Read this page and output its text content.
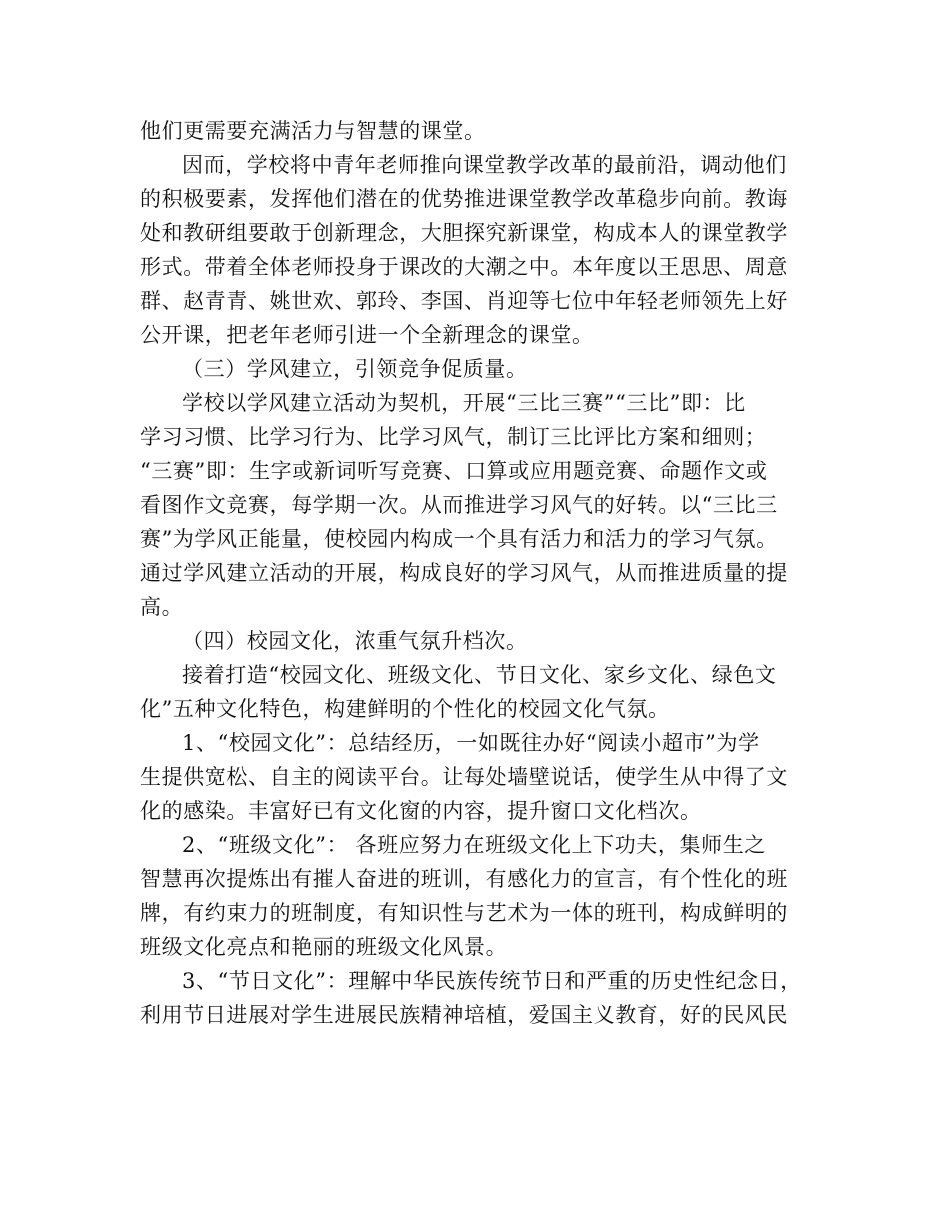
他们更需要充满活力与智慧的课堂。
因而，学校将中青年老师推向课堂教学改革的最前沿，调动他们
的积极要素，发挥他们潜在的优势推进课堂教学改革稳步向前。教诲
处和教研组要敢于创新理念，大胆探究新课堂，构成本人的课堂教学
形式。带着全体老师投身于课改的大潮之中。本年度以王思思、周意
群、赵青青、姚世欢、郭玲、李国、肖迎等七位中年轻老师领先上好
公开课，把老年老师引进一个全新理念的课堂。
（三）学风建立，引领竞争促质量。
学校以学风建立活动为契机，开展“三比三赛”“三比”即：比
学习习惯、比学习行为、比学习风气，制订三比评比方案和细则；
“三赛”即：生字或新词听写竞赛、口算或应用题竞赛、命题作文或
看图作文竞赛，每学期一次。从而推进学习风气的好转。以“三比三
赛”为学风正能量，使校园内构成一个具有活力和活力的学习气氛。
通过学风建立活动的开展，构成良好的学习风气，从而推进质量的提
高。
（四）校园文化，浓重气氛升档次。
接着打造“校园文化、班级文化、节日文化、家乡文化、绿色文
化”五种文化特色，构建鲜明的个性化的校园文化气氛。
1、“校园文化”：总结经历，一如既往办好“阅读小超市”为学
生提供宽松、自主的阅读平台。让每处墙壁说话，使学生从中得了文
化的感染。丰富好已有文化窗的内容，提升窗口文化档次。
2、“班级文化”： 各班应努力在班级文化上下功夫，集师生之
智慧再次提炼出有摧人奋进的班训，有感化力的宣言，有个性化的班
牌，有约束力的班制度，有知识性与艺术为一体的班刊，构成鲜明的
班级文化亮点和艳丽的班级文化风景。
3、“节日文化”：理解中华民族传统节日和严重的历史性纪念日，
利用节日进展对学生进展民族精神培植，爱国主义教育，好的民风民
